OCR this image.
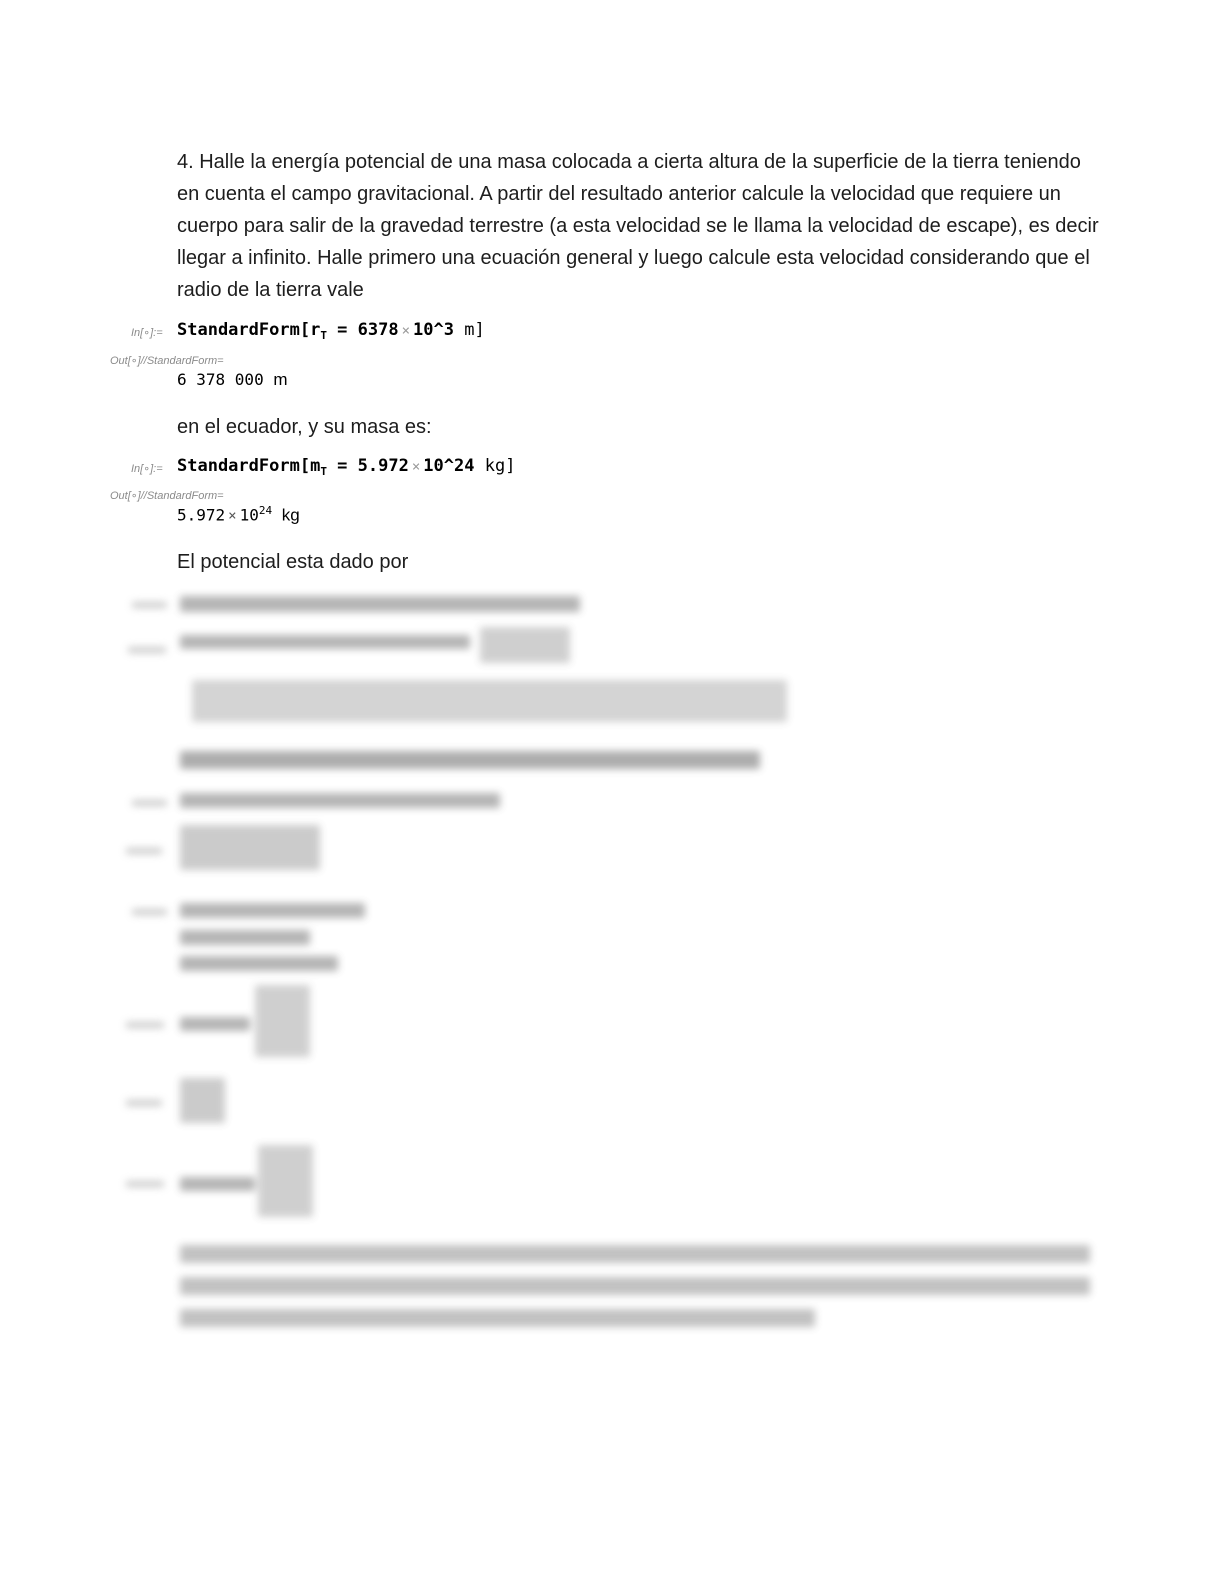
4. Halle la energía potencial de una masa colocada a cierta altura de la superficie de la tierra teniendo en cuenta el campo gravitacional. A partir del resultado anterior calcule la velocidad que requiere un cuerpo para salir de la gravedad terrestre (a esta velocidad se le llama la velocidad de escape), es decir llegar a infinito. Halle primero una ecuación general y luego calcule esta velocidad considerando que el radio de la tierra vale
In[∘]:= $StandardForm[r_T = 6378$ × 10^3 m]
Out[∘]//StandardForm=
6 378 000 m
en el ecuador, y su masa es:
In[∘]:= $StandardForm[m_T = 5.972$ × 10^24 kg]
Out[∘]//StandardForm=
$5.972 \times 10^{24}$ kg
El potencial esta dado por
